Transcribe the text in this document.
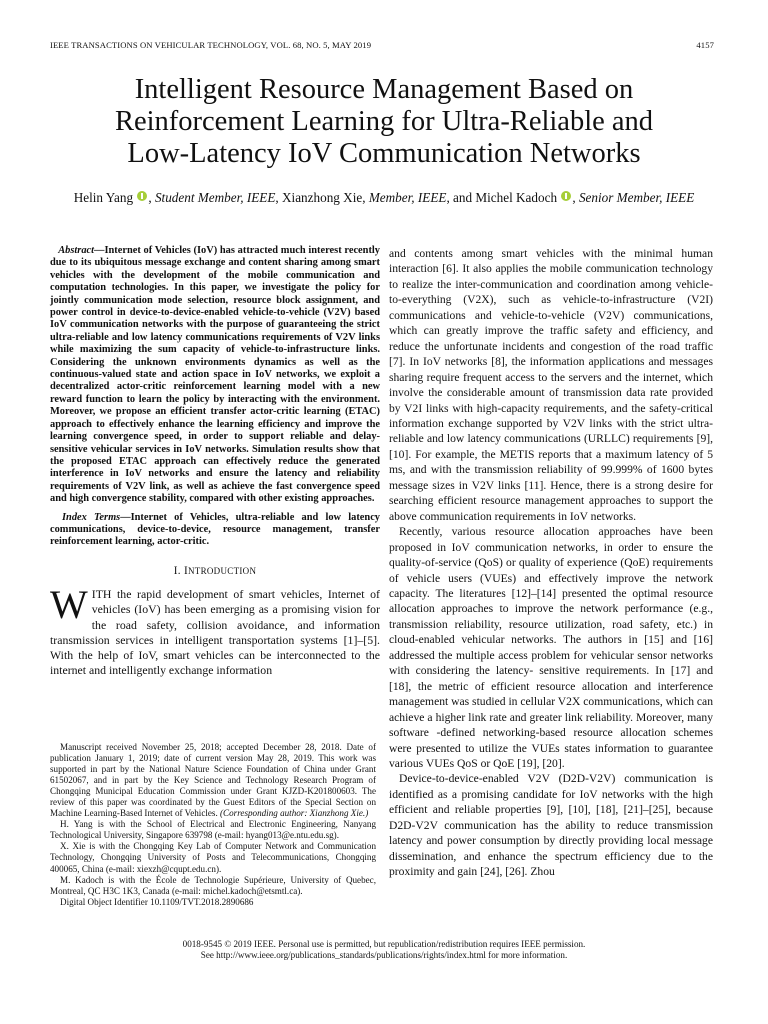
IEEE TRANSACTIONS ON VEHICULAR TECHNOLOGY, VOL. 68, NO. 5, MAY 2019	4157
Intelligent Resource Management Based on
Reinforcement Learning for Ultra-Reliable and
Low-Latency IoV Communication Networks
Helin Yang , Student Member, IEEE, Xianzhong Xie, Member, IEEE, and Michel Kadoch , Senior Member, IEEE
Abstract—Internet of Vehicles (IoV) has attracted much interest recently due to its ubiquitous message exchange and content sharing among smart vehicles with the development of the mobile communication and computation technologies. In this paper, we investigate the policy for jointly communication mode selection, resource block assignment, and power control in device-to-device-enabled vehicle-to-vehicle (V2V) based IoV communication networks with the purpose of guaranteeing the strict ultra-reliable and low latency communications requirements of V2V links while maximizing the sum capacity of vehicle-to-infrastructure links. Considering the unknown environments dynamics as well as the continuous-valued state and action space in IoV networks, we exploit a decentralized actor-critic reinforcement learning model with a new reward function to learn the policy by interacting with the environment. Moreover, we propose an efficient transfer actor-critic learning (ETAC) approach to effectively enhance the learning efficiency and improve the learning convergence speed, in order to support reliable and delay-sensitive vehicular services in IoV networks. Simulation results show that the proposed ETAC approach can effectively reduce the generated interference in IoV networks and ensure the latency and reliability requirements of V2V link, as well as achieve the fast convergence speed and high convergence stability, compared with other existing approaches.
Index Terms—Internet of Vehicles, ultra-reliable and low latency communications, device-to-device, resource management, transfer reinforcement learning, actor-critic.
I. INTRODUCTION
WITH the rapid development of smart vehicles, Internet of vehicles (IoV) has been emerging as a promising vision for the road safety, collision avoidance, and information transmission services in intelligent transportation systems [1]–[5]. With the help of IoV, smart vehicles can be interconnected to the internet and intelligently exchange information

Manuscript received November 25, 2018; accepted December 28, 2018. Date of publication January 1, 2019; date of current version May 28, 2019. This work was supported in part by the National Nature Science Foundation of China under Grant 61502067, and in part by the Key Science and Technology Research Program of Chongqing Municipal Education Commission under Grant KJZD-K201800603. The review of this paper was coordinated by the Guest Editors of the Special Section on Machine Learning-Based Internet of Vehicles. (Corresponding author: Xianzhong Xie.)

H. Yang is with the School of Electrical and Electronic Engineering, Nanyang Technological University, Singapore 639798 (e-mail: hyang013@e.ntu.edu.sg).

X. Xie is with the Chongqing Key Lab of Computer Network and Communication Technology, Chongqing University of Posts and Telecommunications, Chongqing 400065, China (e-mail: xiexzh@cqupt.edu.cn).

M. Kadoch is with the École de Technologie Supérieure, University of Quebec, Montreal, QC H3C 1K3, Canada (e-mail: michel.kadoch@etsmtl.ca).

Digital Object Identifier 10.1109/TVT.2018.2890686

and contents among smart vehicles with the minimal human interaction [6]. It also applies the mobile communication technology to realize the inter-communication and coordination among vehicle-to-everything (V2X), such as vehicle-to-infrastructure (V2I) communications and vehicle-to-vehicle (V2V) communications, which can greatly improve the traffic safety and efficiency, and reduce the unfortunate incidents and congestion of the road traffic [7]. In IoV networks [8], the information applications and messages sharing require frequent access to the servers and the internet, which involve the considerable amount of transmission data rate provided by V2I links with high-capacity requirements, and the safety-critical information exchange supported by V2V links with the strict ultra-reliable and low latency communications (URLLC) requirements [9], [10]. For example, the METIS reports that a maximum latency of 5 ms, and with the transmission reliability of 99.999% of 1600 bytes message sizes in V2V links [11]. Hence, there is a strong desire for searching efficient resource management approaches to support the above communication requirements in IoV networks.

Recently, various resource allocation approaches have been proposed in IoV communication networks, in order to ensure the quality-of-service (QoS) or quality of experience (QoE) requirements of vehicle users (VUEs) and effectively improve the network capacity. The literatures [12]–[14] presented the optimal resource allocation approaches to improve the network performance (e.g., transmission reliability, resource utilization, road safety, etc.) in cloud-enabled vehicular networks. The authors in [15] and [16] addressed the multiple access problem for vehicular sensor networks with considering the latency- sensitive requirements. In [17] and [18], the metric of efficient resource allocation and interference management was studied in cellular V2X communications, which can achieve a higher link rate and greater link reliability. Moreover, many software -defined networking-based resource allocation schemes were presented to utilize the VUEs states information to guarantee various VUEs QoS or QoE [19], [20].

Device-to-device-enabled V2V (D2D-V2V) communication is identified as a promising candidate for IoV networks with the high efficient and reliable properties [9], [10], [18], [21]–[25], because D2D-V2V communication has the ability to reduce transmission latency and power consumption by directly providing local message dissemination, and enhance the spectrum efficiency due to the proximity and gain [24], [26]. Zhou

0018-9545 © 2019 IEEE. Personal use is permitted, but republication/redistribution requires IEEE permission.
See http://www.ieee.org/publications_standards/publications/rights/index.html for more information.
